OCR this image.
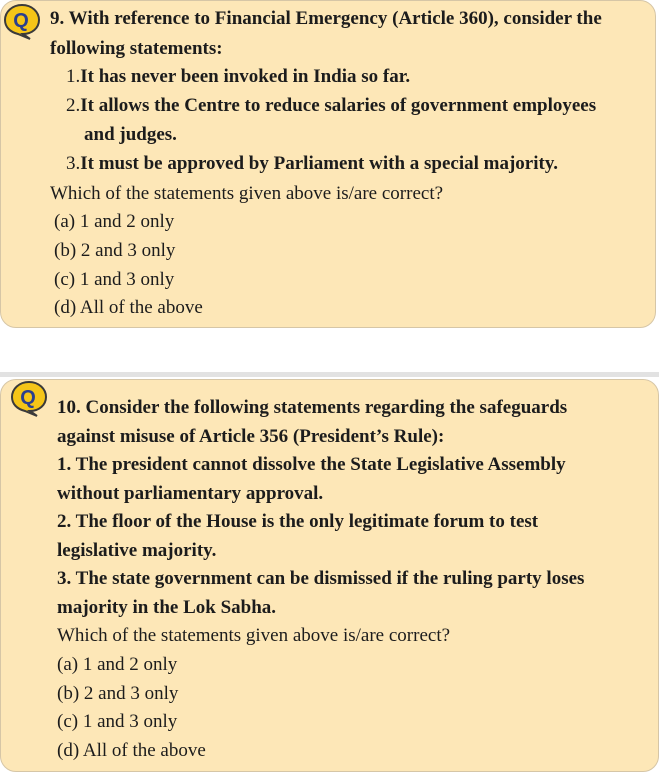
Q 9. With reference to Financial Emergency (Article 360), consider the
following statements:
1.It has never been invoked in India so far.
2.It allows the Centre to reduce salaries of government employees
and judges.
3.It must be approved by Parliament with a special majority.
Which of the statements given above is/are correct?
(a) 1 and 2 only
(b) 2 and 3 only
(c) 1 and 3 only
(d) All of the above
Q 10. Consider the following statements regarding the safeguards
against misuse of Article 356 (President’s Rule):
1. The president cannot dissolve the State Legislative Assembly
without parliamentary approval.
2. The floor of the House is the only legitimate forum to test
legislative majority.
3. The state government can be dismissed if the ruling party loses
majority in the Lok Sabha.
Which of the statements given above is/are correct?
(a) 1 and 2 only
(b) 2 and 3 only
(c) 1 and 3 only
(d) All of the above
